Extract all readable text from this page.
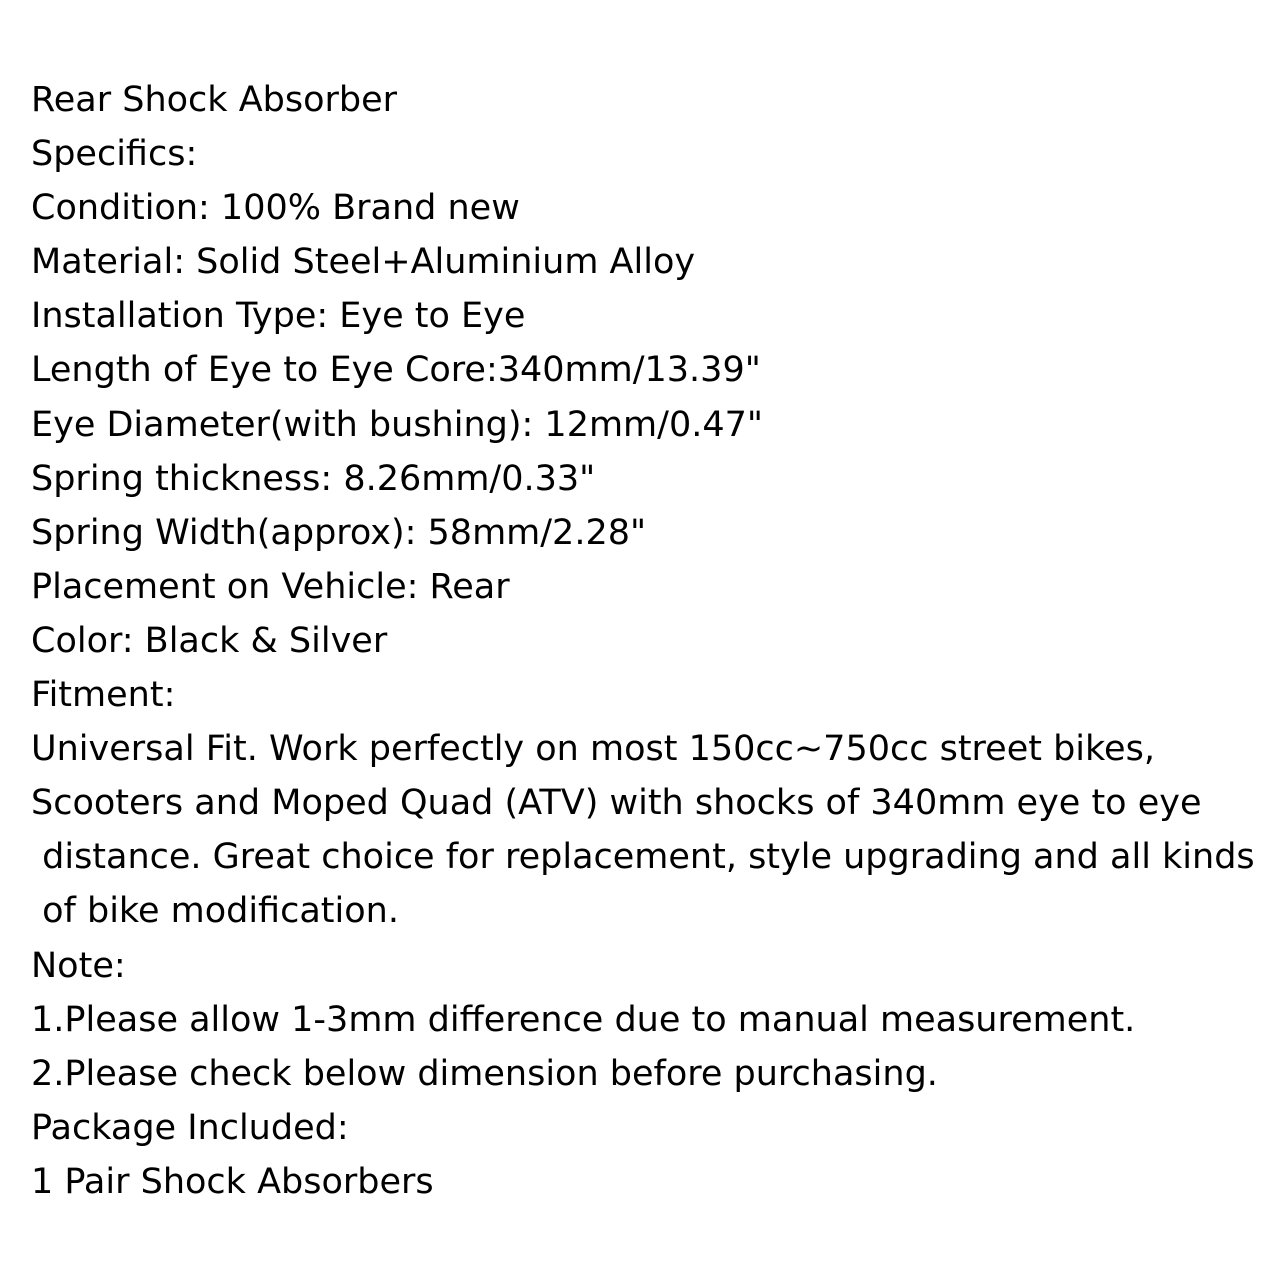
Rear Shock Absorber
Specifics:
Condition: 100% Brand new
Material: Solid Steel+Aluminium Alloy
Installation Type: Eye to Eye
Length of Eye to Eye Core:340mm/13.39"
Eye Diameter(with bushing): 12mm/0.47"
Spring thickness: 8.26mm/0.33"
Spring Width(approx): 58mm/2.28"
Placement on Vehicle: Rear
Color: Black & Silver
Fitment:
Universal Fit. Work perfectly on most 150cc~750cc street bikes,
Scooters and Moped Quad (ATV) with shocks of 340mm eye to eye
distance. Great choice for replacement, style upgrading and all kinds
of bike modification.
Note:
1.Please allow 1-3mm difference due to manual measurement.
2.Please check below dimension before purchasing.
Package Included:
1 Pair Shock Absorbers
